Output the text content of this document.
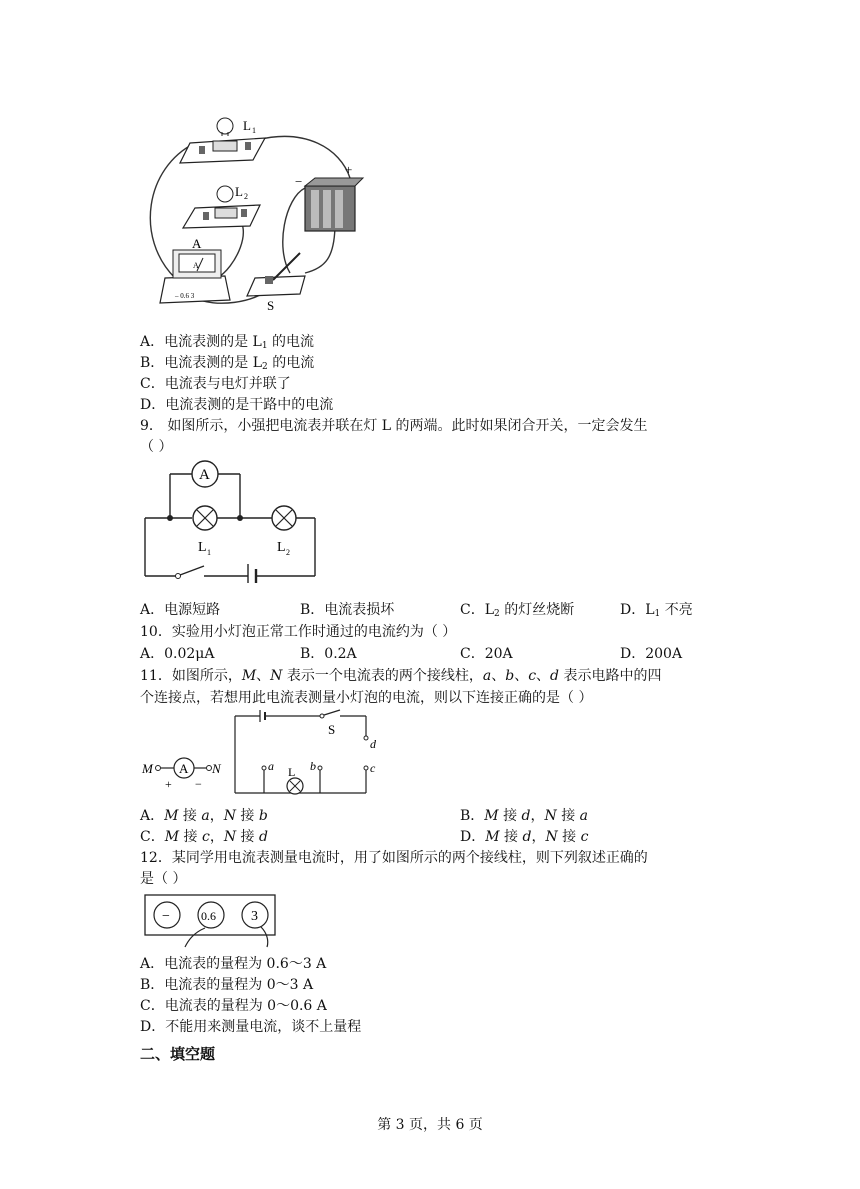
L 1
L 2
−
+
A
A
– 0.6 3
S
A．电流表测的是 $L_1$ 的电流
B．电流表测的是 $L_2$ 的电流
C．电流表与电灯并联了
D．电流表测的是干路中的电流
9． 如图所示，小强把电流表并联在灯 L 的两端。此时如果闭合开关，一定会发生
（ ）
A
L 1	L 2
A．电源短路	B．电流表损坏	C．$L_2$ 的灯丝烧断	D．$L_1$ 不亮
10．实验用小灯泡正常工作时通过的电流约为（ ）
A．0.02μA	B．0.2A	C．20A	D．200A
11．如图所示，M、N 表示一个电流表的两个接线柱，a、b、c、d 表示电路中的四
个连接点，若想用此电流表测量小灯泡的电流，则以下连接正确的是（ ）
M A N
+ −
S
d
a L b	c
A．M 接 a，N 接 b	B．M 接 d，N 接 a
C．M 接 c，N 接 d	D．M 接 d，N 接 c
12．某同学用电流表测量电流时，用了如图所示的两个接线柱，则下列叙述正确的
是（ ）
−	0.6	3
A．电流表的量程为 0.6～3 A
B．电流表的量程为 0～3 A
C．电流表的量程为 0～0.6 A
D．不能用来测量电流，谈不上量程
二、填空题
第 3 页，共 6 页
